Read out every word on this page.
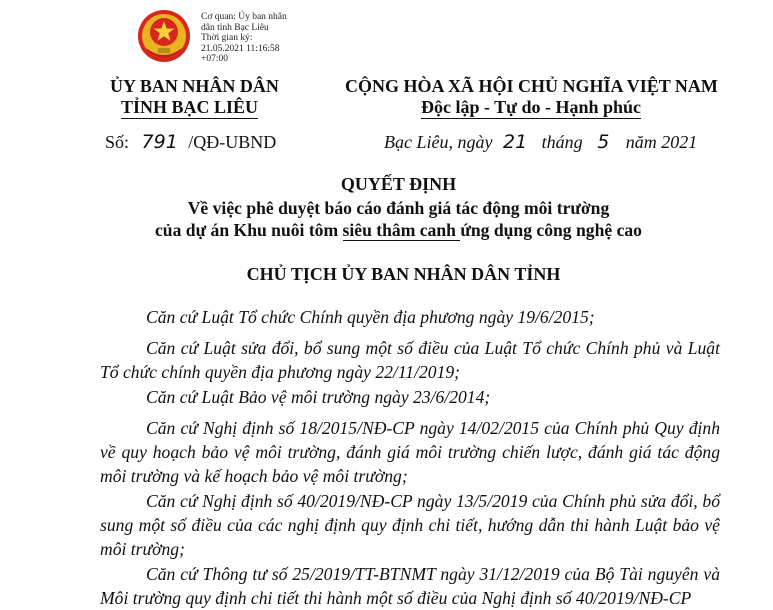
Cơ quan: Ủy ban nhân
dân tỉnh Bạc Liêu
Thời gian ký:
21.05.2021 11:16:58
+07:00
ỦY BAN NHÂN DÂN
TỈNH BẠC LIÊU
CỘNG HÒA XÃ HỘI CHỦ NGHĨA VIỆT NAM
Độc lập - Tự do - Hạnh phúc
Số: 791 /QĐ-UBND	Bạc Liêu, ngày 21 tháng 5 năm 2021
QUYẾT ĐỊNH
Về việc phê duyệt báo cáo đánh giá tác động môi trường
của dự án Khu nuôi tôm siêu thâm canh ứng dụng công nghệ cao
CHỦ TỊCH ỦY BAN NHÂN DÂN TỈNH
Căn cứ Luật Tổ chức Chính quyền địa phương ngày 19/6/2015;
Căn cứ Luật sửa đổi, bổ sung một số điều của Luật Tổ chức Chính phủ và Luật Tổ chức chính quyền địa phương ngày 22/11/2019;
Căn cứ Luật Bảo vệ môi trường ngày 23/6/2014;
Căn cứ Nghị định số 18/2015/NĐ-CP ngày 14/02/2015 của Chính phủ Quy định về quy hoạch bảo vệ môi trường, đánh giá môi trường chiến lược, đánh giá tác động môi trường và kế hoạch bảo vệ môi trường;
Căn cứ Nghị định số 40/2019/NĐ-CP ngày 13/5/2019 của Chính phủ sửa đổi, bổ sung một số điều của các nghị định quy định chi tiết, hướng dẫn thi hành Luật bảo vệ môi trường;
Căn cứ Thông tư số 25/2019/TT-BTNMT ngày 31/12/2019 của Bộ Tài nguyên và Môi trường quy định chi tiết thi hành một số điều của Nghị định số 40/2019/NĐ-CP
